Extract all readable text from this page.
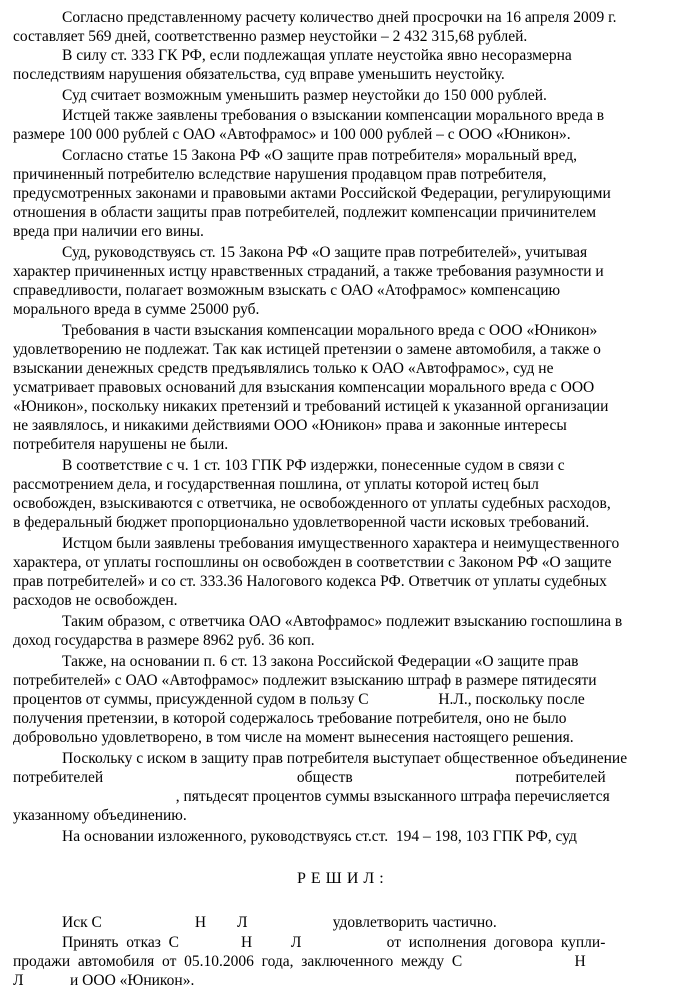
Согласно представленному расчету количество дней просрочки на 16 апреля 2009 г.
составляет 569 дней, соответственно размер неустойки – 2 432 315,68 рублей.
В силу ст. 333 ГК РФ, если подлежащая уплате неустойка явно несоразмерна
последствиям нарушения обязательства, суд вправе уменьшить неустойку.
Суд считает возможным уменьшить размер неустойки до 150 000 рублей.
Истцей также заявлены требования о взыскании компенсации морального вреда в
размере 100 000 рублей с ОАО «Автофрамос» и 100 000 рублей – с ООО «Юникон».
Согласно статье 15 Закона РФ «О защите прав потребителя» моральный вред,
причиненный потребителю вследствие нарушения продавцом прав потребителя,
предусмотренных законами и правовыми актами Российской Федерации, регулирующими
отношения в области защиты прав потребителей, подлежит компенсации причинителем
вреда при наличии его вины.
Суд, руководствуясь ст. 15 Закона РФ «О защите прав потребителей», учитывая
характер причиненных истцу нравственных страданий, а также требования разумности и
справедливости, полагает возможным взыскать с ОАО «Атофрамос» компенсацию
морального вреда в сумме 25000 руб.
Требования в части взыскания компенсации морального вреда с ООО «Юникон»
удовлетворению не подлежат. Так как истицей претензии о замене автомобиля, а также о
взыскании денежных средств предъявлялись только к ОАО «Автофрамос», суд не
усматривает правовых оснований для взыскания компенсации морального вреда с ООО
«Юникон», поскольку никаких претензий и требований истицей к указанной организации
не заявлялось, и никакими действиями ООО «Юникон» права и законные интересы
потребителя нарушены не были.
В соответствие с ч. 1 ст. 103 ГПК РФ издержки, понесенные судом в связи с
рассмотрением дела, и государственная пошлина, от уплаты которой истец был
освобожден, взыскиваются с ответчика, не освобожденного от уплаты судебных расходов,
в федеральный бюджет пропорционально удовлетворенной части исковых требований.
Истцом были заявлены требования имущественного характера и неимущественного
характера, от уплаты госпошлины он освобожден в соответствии с Законом РФ «О защите
прав потребителей» и со ст. 333.36 Налогового кодекса РФ. Ответчик от уплаты судебных
расходов не освобожден.
Таким образом, с ответчика ОАО «Автофрамос» подлежит взысканию госпошлина в
доход государства в размере 8962 руб. 36 коп.
Также, на основании п. 6 ст. 13 закона Российской Федерации «О защите прав
потребителей» с ОАО «Автофрамос» подлежит взысканию штраф в размере пятидесяти
процентов от суммы, присужденной судом в пользу С                  Н.Л., поскольку после
получения претензии, в которой содержалось требование потребителя, оно не было
добровольно удовлетворено, в том числе на момент вынесения настоящего решения.
Поскольку с иском в защиту прав потребителя выступает общественное объединение
потребителей                                                  обществ                                          потребителей
, пятьдесят процентов суммы взысканного штрафа перечисляется
указанному объединению.
На основании изложенного, руководствуясь ст.ст.  194 – 198, 103 ГПК РФ, суд
РЕШИЛ:
Иск С                        Н        Л                      удовлетворить частично.
Принять  отказ  С                Н          Л                      от  исполнения  договора  купли-
продажи  автомобиля  от  05.10.2006  года,  заключенного  между  С                             Н
Л            и ООО «Юникон».
